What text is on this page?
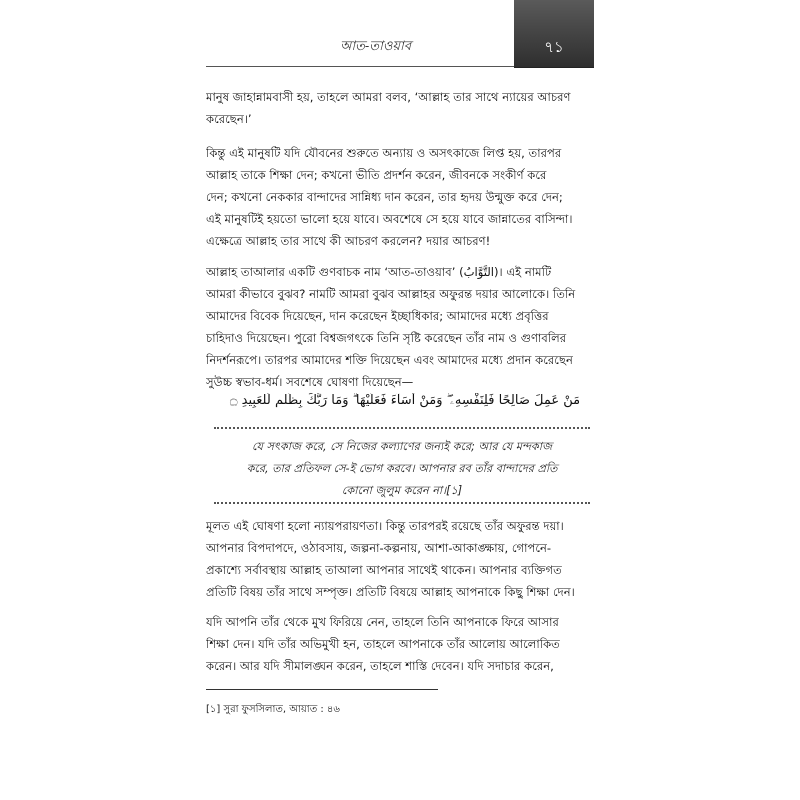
৭১
আত-তাওয়াব
মানুষ জাহান্নামবাসী হয়, তাহলে আমরা বলব, ‘আল্লাহ তার সাথে ন্যায়ের আচরণ
করেছেন।’
কিন্তু এই মানুষটি যদি যৌবনের শুরুতে অন্যায় ও অসৎকাজে লিপ্ত হয়, তারপর
আল্লাহ তাকে শিক্ষা দেন; কখনো ভীতি প্রদর্শন করেন, জীবনকে সংকীর্ণ করে
দেন; কখনো নেককার বান্দাদের সান্নিধ্য দান করেন, তার হৃদয় উন্মুক্ত করে দেন;
এই মানুষটিই হয়তো ভালো হয়ে যাবে। অবশেষে সে হয়ে যাবে জান্নাতের বাসিন্দা।
এক্ষেত্রে আল্লাহ তার সাথে কী আচরণ করলেন? দয়ার আচরণ!
আল্লাহ তাআলার একটি গুণবাচক নাম ‘আত-তাওয়াব’ (التَّوَّابُ)। এই নামটি
আমরা কীভাবে বুঝব? নামটি আমরা বুঝব আল্লাহর অফুরন্ত দয়ার আলোকে। তিনি
আমাদের বিবেক দিয়েছেন, দান করেছেন ইচ্ছাধিকার; আমাদের মধ্যে প্রবৃত্তির
চাহিদাও দিয়েছেন। পুরো বিশ্বজগৎকে তিনি সৃষ্টি করেছেন তাঁর নাম ও গুণাবলির
নিদর্শনরূপে। তারপর আমাদের শক্তি দিয়েছেন এবং আমাদের মধ্যে প্রদান করেছেন
সুউচ্চ স্বভাব-ধর্ম। সবশেষে ঘোষণা দিয়েছেন—
مَنْ عَمِلَ صَالِحًا فَلِنَفْسِهِۦ ۖ وَمَنْ أَسَآءَ فَعَلَيْهَا ۗ وَمَا رَبُّكَ بِظَلَّٰمٍ لِّلْعَبِيدِ ۝
যে সৎকাজ করে, সে নিজের কল্যাণের জন্যই করে; আর যে মন্দকাজ
করে, তার প্রতিফল সে-ই ভোগ করবে। আপনার রব তাঁর বান্দাদের প্রতি
কোনো জুলুম করেন না।[১]
মূলত এই ঘোষণা হলো ন্যায়পরায়ণতা। কিন্তু তারপরই রয়েছে তাঁর অফুরন্ত দয়া।
আপনার বিপদাপদে, ওঠাবসায়, জল্পনা-কল্পনায়, আশা-আকাঙ্ক্ষায়, গোপনে-
প্রকাশ্যে সর্বাবস্থায় আল্লাহ তাআলা আপনার সাথেই থাকেন। আপনার ব্যক্তিগত
প্রতিটি বিষয় তাঁর সাথে সম্পৃক্ত। প্রতিটি বিষয়ে আল্লাহ আপনাকে কিছু শিক্ষা দেন।
যদি আপনি তাঁর থেকে মুখ ফিরিয়ে নেন, তাহলে তিনি আপনাকে ফিরে আসার
শিক্ষা দেন। যদি তাঁর অভিমুখী হন, তাহলে আপনাকে তাঁর আলোয় আলোকিত
করেন। আর যদি সীমালঙ্ঘন করেন, তাহলে শাস্তি দেবেন। যদি সদাচার করেন,
[১] সুরা ফুসসিলাত, আয়াত : ৪৬
